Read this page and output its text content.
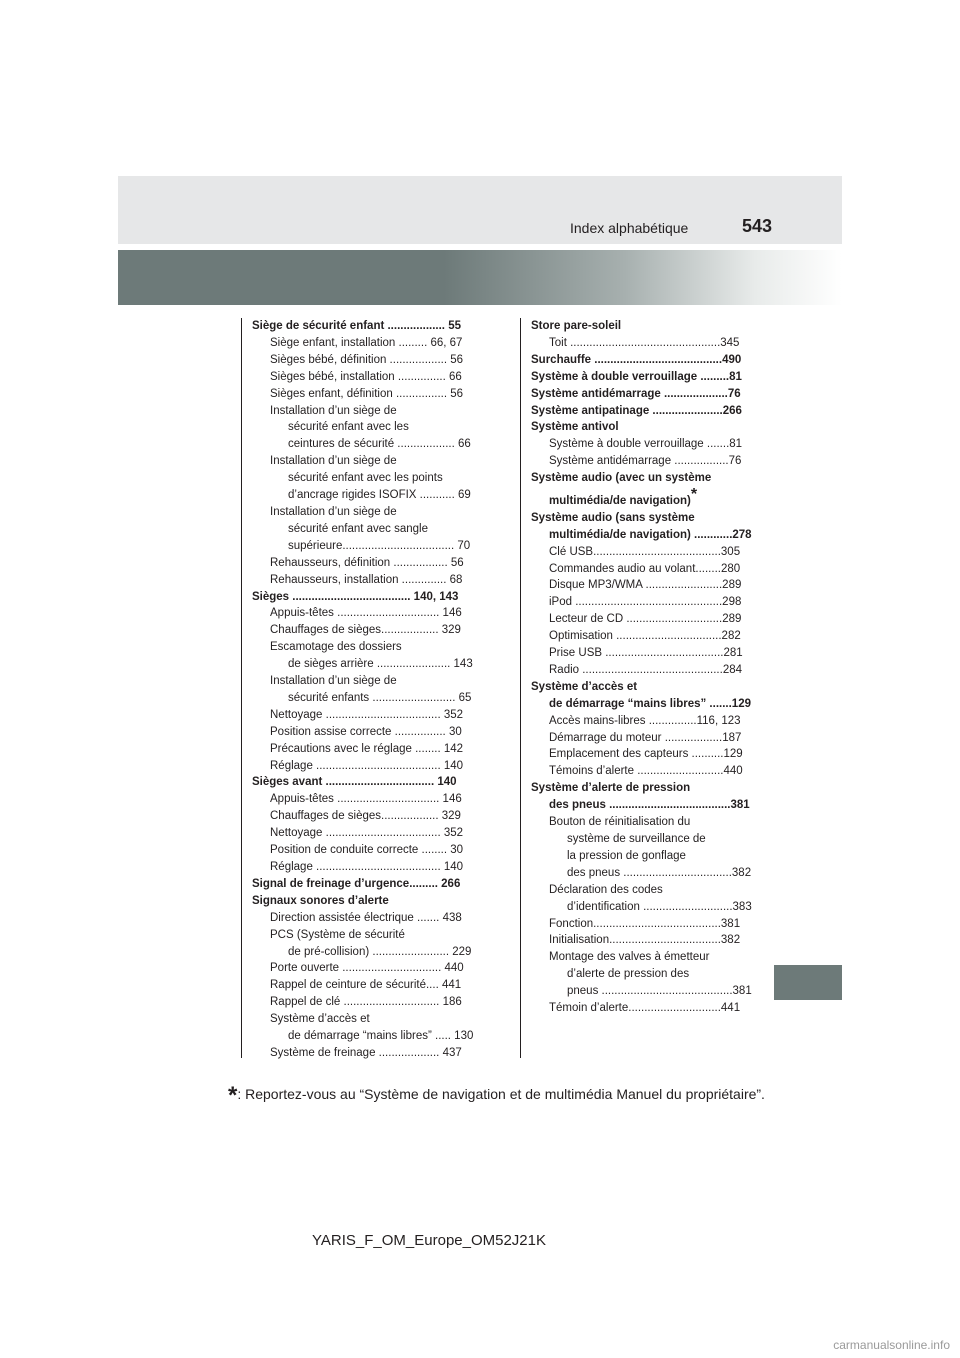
Index alphabétique	543
Siège de sécurité enfant .................. 55
Siège enfant, installation ......... 66, 67
Sièges bébé, définition .................. 56
Sièges bébé, installation ............... 66
Sièges enfant, définition ................ 56
Installation d’un siège de
sécurité enfant avec les
ceintures de sécurité .................. 66
Installation d’un siège de
sécurité enfant avec les points
d’ancrage rigides ISOFIX ........... 69
Installation d’un siège de
sécurité enfant avec sangle
supérieure................................... 70
Rehausseurs, définition ................. 56
Rehausseurs, installation .............. 68
Sièges ..................................... 140, 143
Appuis-têtes ................................ 146
Chauffages de sièges.................. 329
Escamotage des dossiers
de sièges arrière ....................... 143
Installation d’un siège de
sécurité enfants .......................... 65
Nettoyage .................................... 352
Position assise correcte ................ 30
Précautions avec le réglage ........ 142
Réglage ....................................... 140
Sièges avant .................................. 140
Appuis-têtes ................................ 146
Chauffages de sièges.................. 329
Nettoyage .................................... 352
Position de conduite correcte ........ 30
Réglage ....................................... 140
Signal de freinage d’urgence......... 266
Signaux sonores d’alerte
Direction assistée électrique ....... 438
PCS (Système de sécurité
de pré-collision) ........................ 229
Porte ouverte ............................... 440
Rappel de ceinture de sécurité.... 441
Rappel de clé .............................. 186
Système d’accès et
de démarrage “mains libres” ..... 130
Système de freinage ................... 437
Store pare-soleil
Toit ...............................................345
Surchauffe ........................................490
Système à double verrouillage .........81
Système antidémarrage ....................76
Système antipatinage ......................266
Système antivol
Système à double verrouillage .......81
Système antidémarrage .................76
Système audio (avec un système
multimédia/de navigation)*
Système audio (sans système
multimédia/de navigation) ............278
Clé USB........................................305
Commandes audio au volant........280
Disque MP3/WMA ........................289
iPod ..............................................298
Lecteur de CD ..............................289
Optimisation .................................282
Prise USB .....................................281
Radio ............................................284
Système d’accès et
de démarrage “mains libres” .......129
Accès mains-libres ...............116, 123
Démarrage du moteur ..................187
Emplacement des capteurs ..........129
Témoins d’alerte ...........................440
Système d’alerte de pression
des pneus ......................................381
Bouton de réinitialisation du
système de surveillance de
la pression de gonflage
des pneus ..................................382
Déclaration des codes
d’identification ............................383
Fonction........................................381
Initialisation...................................382
Montage des valves à émetteur
d’alerte de pression des
pneus .........................................381
Témoin d’alerte.............................441
*: Reportez-vous au “Système de navigation et de multimédia Manuel du propriétaire”.
YARIS_F_OM_Europe_OM52J21K
carmanualsonline.info
